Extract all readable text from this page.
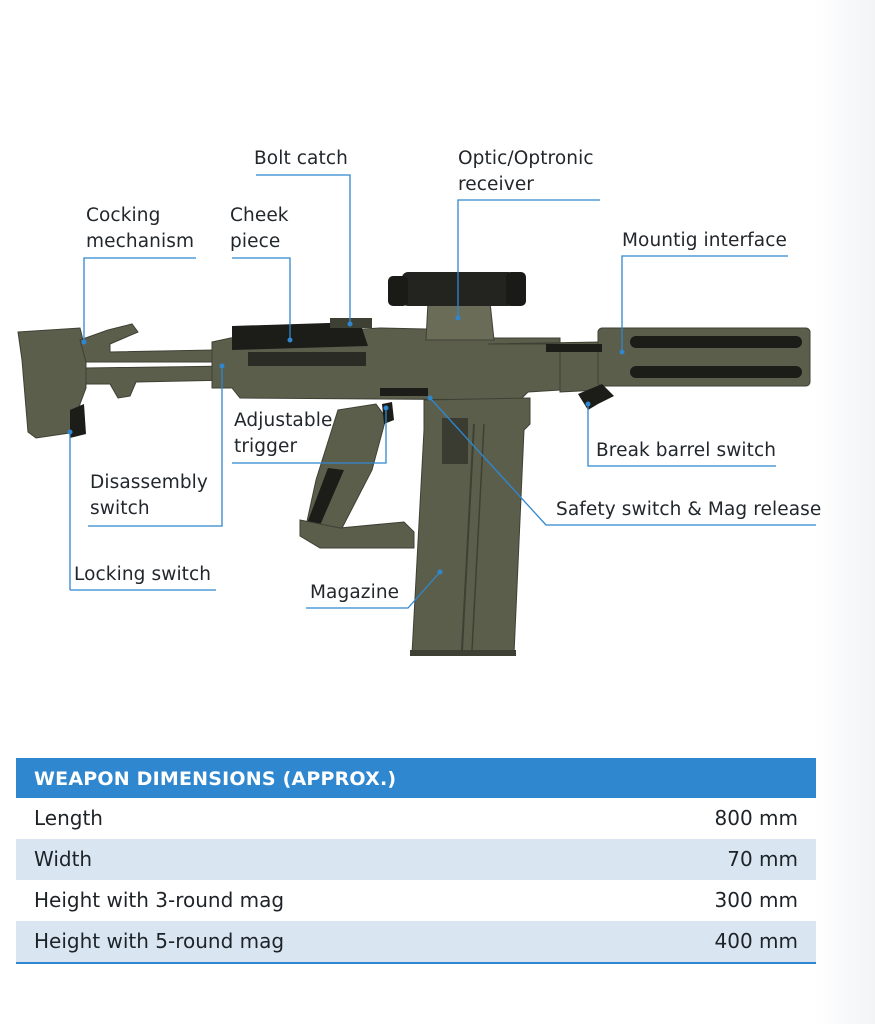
Bolt catch	Optic/Optronic
receiver
Cocking
mechanism
Cheek
piece	Mountig interface
Adjustable
trigger	Break barrel switch
Disassembly
switch	Safety switch & Mag release
Locking switch
Magazine
WEAPON DIMENSIONS (APPROX.)
Length	800 mm
Width	70 mm
Height with 3-round mag	300 mm
Height with 5-round mag	400 mm
